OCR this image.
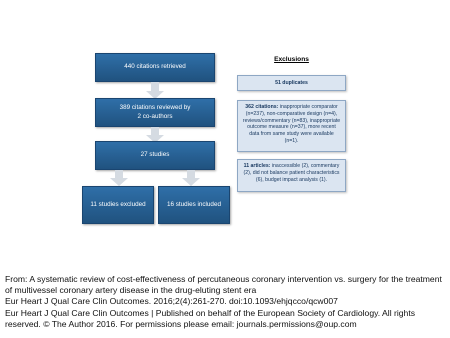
440 citations retrieved
389 citations reviewed by
2 co-authors
27 studies
11 studies excluded	16 studies included
Exclusions
51 duplicates
362 citations: inappropriate comparator (n=237), non-comparative design (n=4), reviews/commentary (n=83), inappropriate outcome measure (n=37), more recent data from same study were available (n=1).
11 articles: inaccessible (2), commentary (2), did not balance patient characteristics (6), budget impact analysis (1).
From: A systematic review of cost-effectiveness of percutaneous coronary intervention vs. surgery for the treatment of multivessel coronary artery disease in the drug-eluting stent era
Eur Heart J Qual Care Clin Outcomes. 2016;2(4):261-270. doi:10.1093/ehjqcco/qcw007
Eur Heart J Qual Care Clin Outcomes | Published on behalf of the European Society of Cardiology. All rights reserved. © The Author 2016. For permissions please email: journals.permissions@oup.com
